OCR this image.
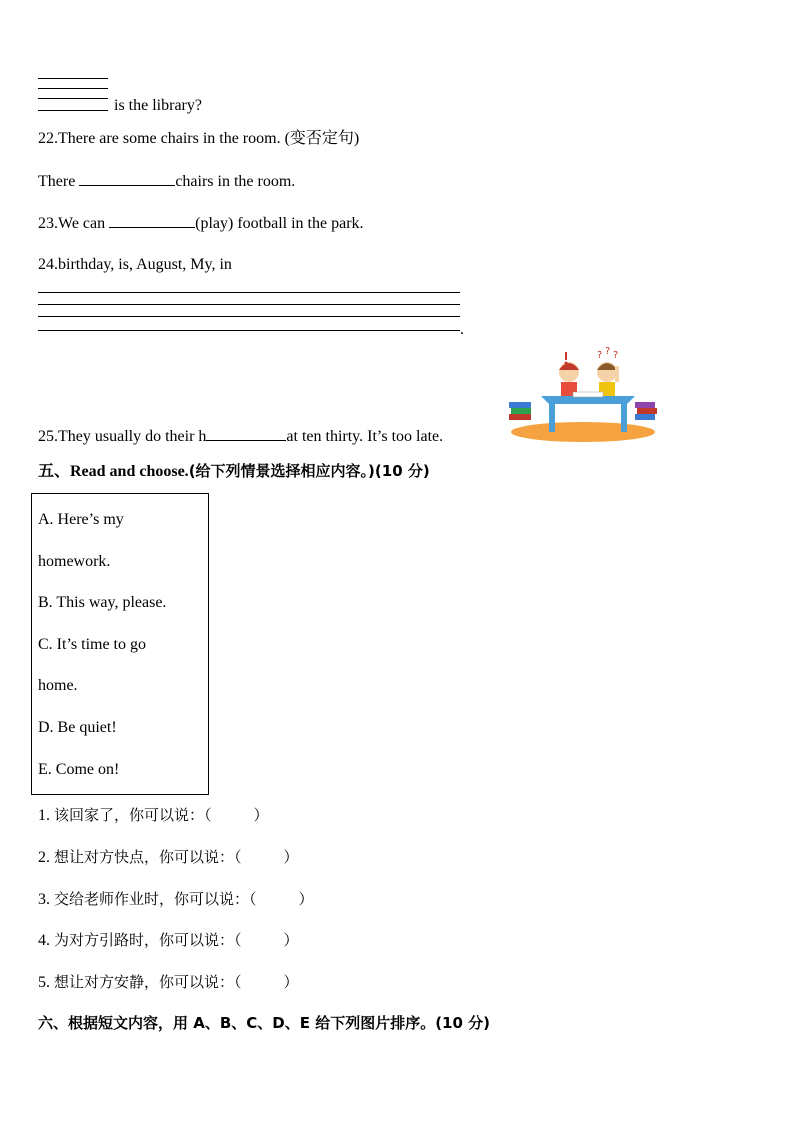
is the library?
22.There are some chairs in the room. (变否定句)
There	chairs in the room.
23.We can	(play) football in the park.
24.birthday, is, August, My, in
.
? ? ?
25.They usually do their h	at ten thirty. It’s too late.
五、Read and choose.(给下列情景选择相应内容。)(10 分)
A. Here’s my
homework.
B. This way, please.
C. It’s time to go
home.
D. Be quiet!
E. Come on!
1. 该回家了，你可以说：（	）
2. 想让对方快点，你可以说：（	）
3. 交给老师作业时，你可以说：（	）
4. 为对方引路时，你可以说：（	）
5. 想让对方安静，你可以说：（	）
六、根据短文内容，用 A、B、C、D、E 给下列图片排序。(10 分)
